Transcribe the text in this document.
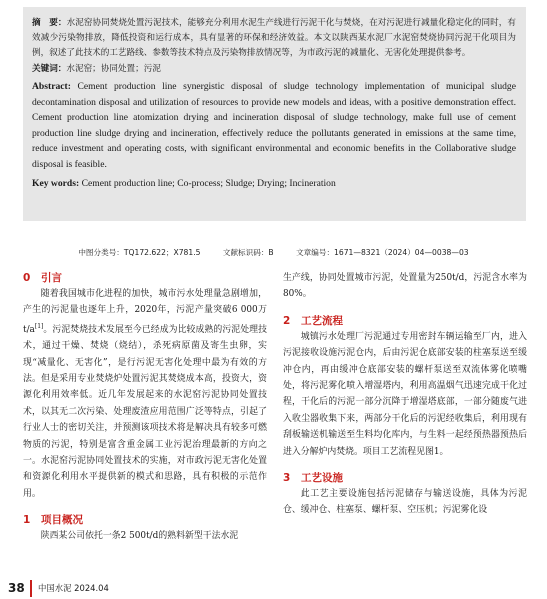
摘　要：水泥窑协同焚烧处置污泥技术，能够充分利用水泥生产线进行污泥干化与焚烧，在对污泥进行减量化稳定化的同时，有效减少污染物排放，降低投资和运行成本，具有显著的环保和经济效益。本文以陕西某水泥厂水泥窑焚烧协同污泥干化项目为例，叙述了此技术的工艺路线、参数等技术特点及污染物排放情况等，为市政污泥的减量化、无害化处理提供参考。

关键词：水泥窑；协同处置；污泥

Abstract: Cement production line synergistic disposal of sludge technology implementation of municipal sludge decontamination disposal and utilization of resources to provide new models and ideas, with a positive demonstration effect. Cement production line atomization drying and incineration disposal of sludge technology, make full use of cement production line sludge drying and incineration, effectively reduce the pollutants generated in emissions at the same time, reduce investment and operating costs, with significant environmental and economic benefits in the Collaborative sludge disposal is feasible.

Key words: Cement production line; Co-process; Sludge; Drying; Incineration

中图分类号：TQ172.622；X781.5	文献标识码：B	文章编号：1671—8321（2024）04—0038—03
0 引言

随着我国城市化进程的加快，城市污水处理量急剧增加，产生的污泥量也逐年上升，2020年，污泥产量突破6 000万t/a[1]。污泥焚烧技术发展至今已经成为比较成熟的污泥处理技术，通过干燥、焚烧（烧结），杀死病原菌及寄生虫卵，实现“减量化、无害化”，是行污泥无害化处理中最为有效的方法。但是采用专业焚烧炉处置污泥其焚烧成本高，投资大，资源化利用效率低。近几年发展起来的水泥窑污泥协同处置技术，以其无二次污染、处理废渣应用范围广泛等特点，引起了行业人士的密切关注，并预测该项技术将是解决具有较多可燃物质的污泥，特别是富含重金属工业污泥治理最新的方向之一。水泥窑污泥协同处置技术的实施，对市政污泥无害化处置和资源化利用水平提供新的模式和思路，具有积极的示范作用。

1 项目概况

陕西某公司依托一条2 500t/d的熟料新型干法水泥

生产线，协同处置城市污泥，处置量为250t/d，污泥含水率为80%。

2 工艺流程

城镇污水处理厂污泥通过专用密封车辆运输至厂内，进入污泥接收设施污泥仓内，后由污泥仓底部安装的柱塞泵送至缓冲仓内，再由缓冲仓底部安装的螺杆泵送至双流体雾化喷嘴处，将污泥雾化喷入增湿塔内，利用高温烟气迅速完成干化过程，干化后的污泥一部分沉降于增湿塔底部，一部分随废气进入收尘器收集下来，两部分干化后的污泥经收集后，利用现有刮板输送机输送至生料均化库内，与生料一起经预热器预热后进入分解炉内焚烧。项目工艺流程见图1。

3 工艺设施

此工艺主要设施包括污泥储存与输送设施，具体为污泥仓、缓冲仓、柱塞泵、螺杆泵、空压机；污泥雾化设

38 中国水泥 2024.04
